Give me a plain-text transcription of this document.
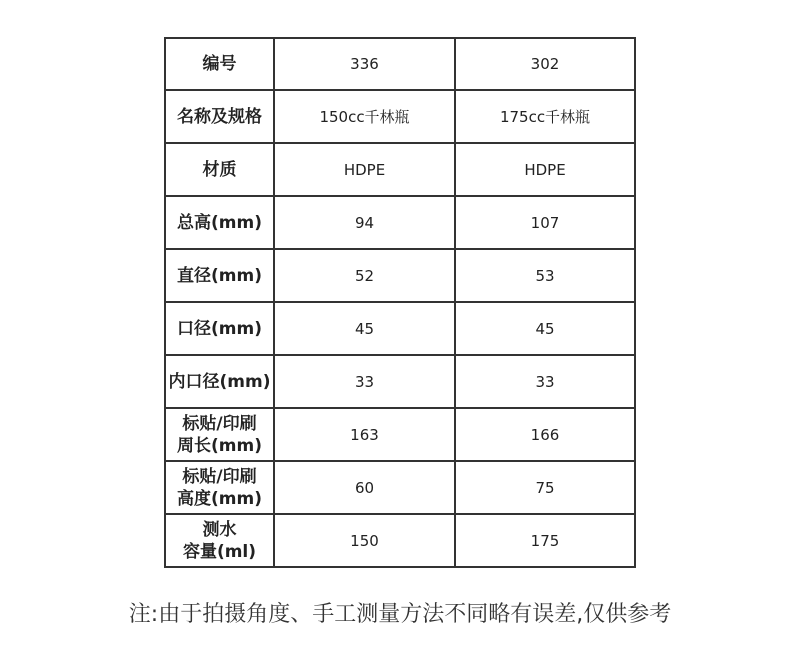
编号	336	302
名称及规格	150cc千林瓶	175cc千林瓶
材质	HDPE	HDPE
总高(mm)	94	107
直径(mm)	52	53
口径(mm)	45	45
内口径(mm)	33	33
标贴/印刷
周长(mm)	163	166
标贴/印刷
高度(mm)	60	75
测水
容量(ml)	150	175
注:由于拍摄角度、手工测量方法不同略有误差,仅供参考
